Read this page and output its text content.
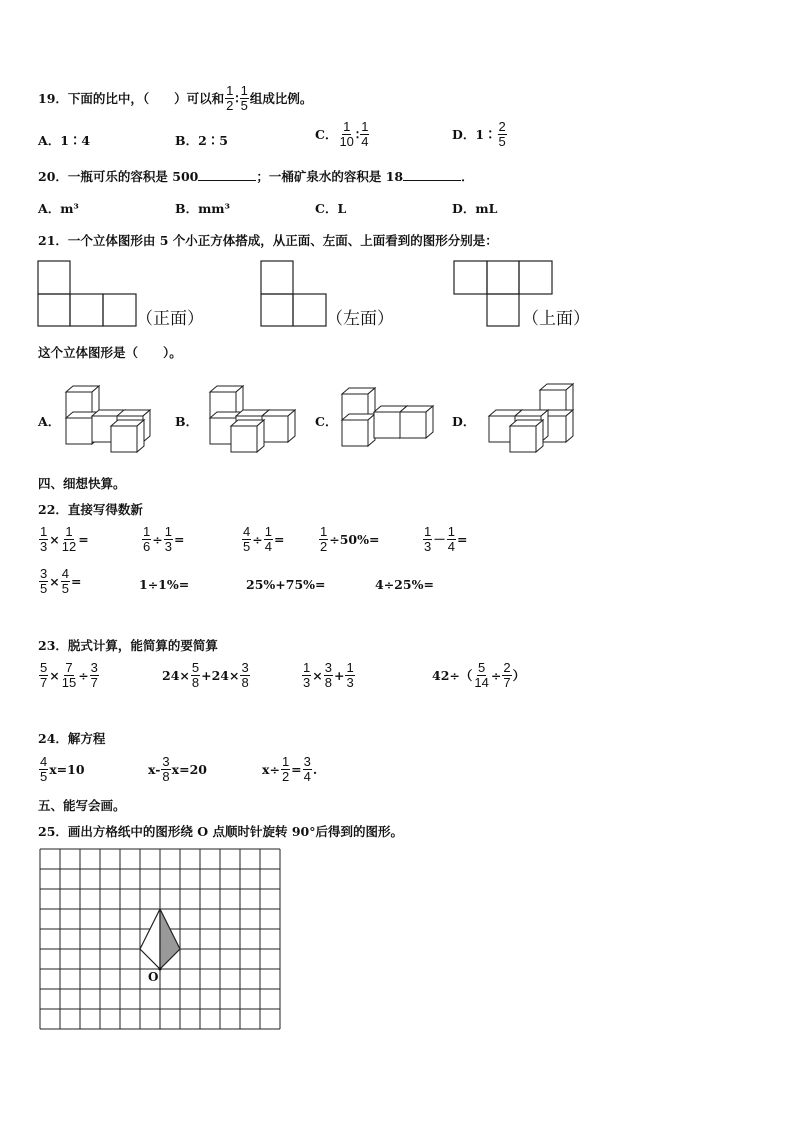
19．下面的比中，（　　）可以和 $\frac{1}{2}$ ∶ $\frac{1}{5}$ 组成比例。
A．1∶4	B．2∶5	C． $\frac{1}{10}$ ∶ $\frac{1}{4}$	D．1∶ $\frac{2}{5}$
20．一瓶可乐的容积是 500	；一桶矿泉水的容积是 18	．
A．m³	B．mm³	C．L	D．mL
21．一个立体图形由 5 个小正方体搭成，从正面、左面、上面看到的图形分别是：
（正面）	（左面）	（上面）
这个立体图形是（　　）。
A．	B．	C．	D．
四、细想快算。
22．直接写得数新
$\frac{1}{3} \times \frac{1}{12}$ =	$\frac{1}{6} \div \frac{1}{3}$ =	$\frac{4}{5} \div \frac{1}{4}$ =	$\frac{1}{2} \div 50\%=$	$\frac{1}{3} - \frac{1}{4}$ =
$\frac{3}{5} \times \frac{4}{5}$ =	1÷1%=	25%+75%=	4÷25%=
23．脱式计算，能简算的要简算
$\frac{5}{7} \times \frac{7}{15} \div \frac{3}{7}$	$24\times \frac{5}{8} +24\times \frac{3}{8}$	$\frac{1}{3} \times \frac{3}{8} + \frac{1}{3}$	$42\div( \frac{5}{14} \div \frac{2}{7}$ ）
24．解方程
$\frac{4}{5} x=10$	$x- \frac{3}{8} x=20$	$x\div \frac{1}{2} = \frac{3}{4}$ .
五、能写会画。
25．画出方格纸中的图形绕 O 点顺时针旋转 90°后得到的图形。
O
